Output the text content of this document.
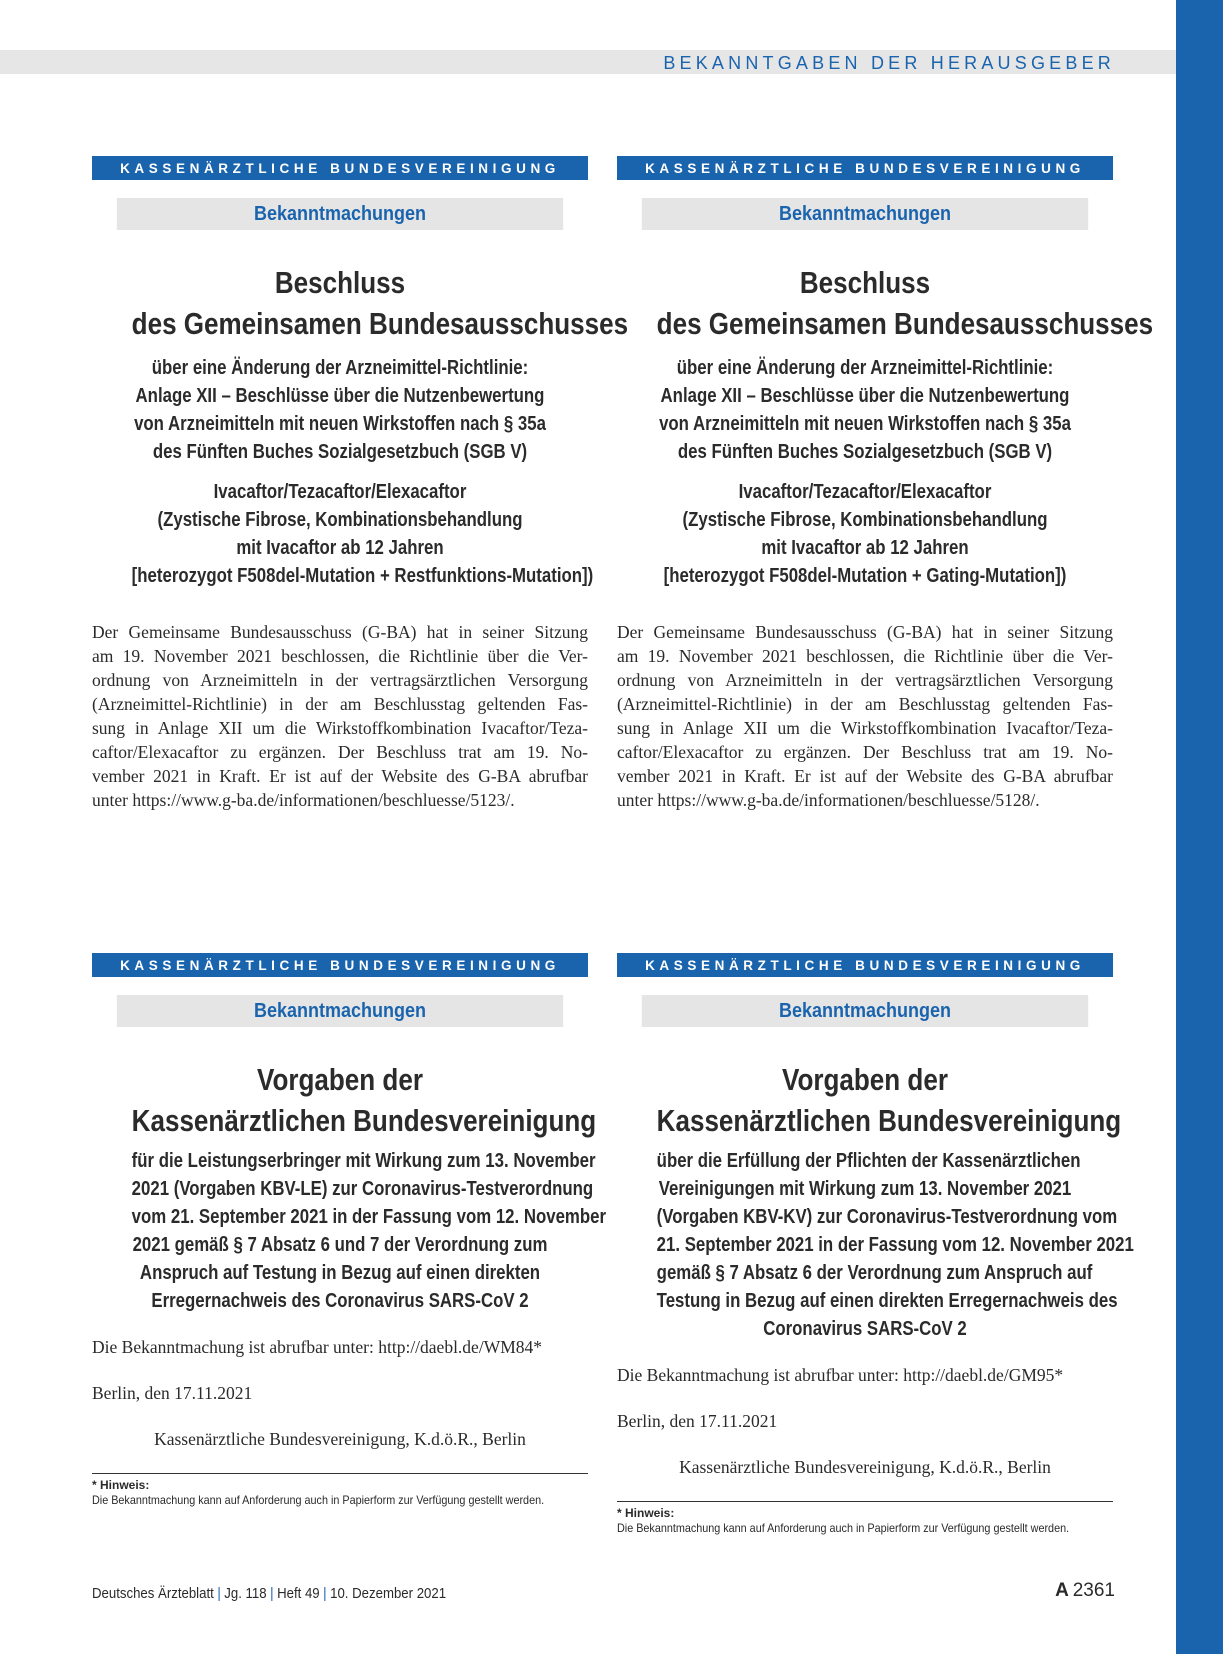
BEKANNTGABEN DER HERAUSGEBER
KASSENÄRZTLICHE BUNDESVEREINIGUNG
Bekanntmachungen
Beschluss
des Gemeinsamen Bundesausschusses
über eine Änderung der Arzneimittel-Richtlinie:
Anlage XII – Beschlüsse über die Nutzenbewertung
von Arzneimitteln mit neuen Wirkstoffen nach § 35a
des Fünften Buches Sozialgesetzbuch (SGB V)
Ivacaftor/Tezacaftor/Elexacaftor
(Zystische Fibrose, Kombinationsbehandlung
mit Ivacaftor ab 12 Jahren
[heterozygot F508del-Mutation + Restfunktions-Mutation])
Der Gemeinsame Bundesausschuss (G-BA) hat in seiner Sitzung
am 19. November 2021 beschlossen, die Richtlinie über die Ver-
ordnung von Arzneimitteln in der vertragsärztlichen Versorgung
(Arzneimittel-Richtlinie) in der am Beschlusstag geltenden Fas-
sung in Anlage XII um die Wirkstoffkombination Ivacaftor/Teza-
caftor/Elexacaftor zu ergänzen. Der Beschluss trat am 19. No-
vember 2021 in Kraft. Er ist auf der Website des G-BA abrufbar
unter https://www.g-ba.de/informationen/beschluesse/5123/.
KASSENÄRZTLICHE BUNDESVEREINIGUNG
Bekanntmachungen
Beschluss
des Gemeinsamen Bundesausschusses
über eine Änderung der Arzneimittel-Richtlinie:
Anlage XII – Beschlüsse über die Nutzenbewertung
von Arzneimitteln mit neuen Wirkstoffen nach § 35a
des Fünften Buches Sozialgesetzbuch (SGB V)
Ivacaftor/Tezacaftor/Elexacaftor
(Zystische Fibrose, Kombinationsbehandlung
mit Ivacaftor ab 12 Jahren
[heterozygot F508del-Mutation + Gating-Mutation])
Der Gemeinsame Bundesausschuss (G-BA) hat in seiner Sitzung
am 19. November 2021 beschlossen, die Richtlinie über die Ver-
ordnung von Arzneimitteln in der vertragsärztlichen Versorgung
(Arzneimittel-Richtlinie) in der am Beschlusstag geltenden Fas-
sung in Anlage XII um die Wirkstoffkombination Ivacaftor/Teza-
caftor/Elexacaftor zu ergänzen. Der Beschluss trat am 19. No-
vember 2021 in Kraft. Er ist auf der Website des G-BA abrufbar
unter https://www.g-ba.de/informationen/beschluesse/5128/.
KASSENÄRZTLICHE BUNDESVEREINIGUNG
Bekanntmachungen
Vorgaben der
Kassenärztlichen Bundesvereinigung
für die Leistungserbringer mit Wirkung zum 13. November
2021 (Vorgaben KBV-LE) zur Coronavirus-Testverordnung
vom 21. September 2021 in der Fassung vom 12. November
2021 gemäß § 7 Absatz 6 und 7 der Verordnung zum
Anspruch auf Testung in Bezug auf einen direkten
Erregernachweis des Coronavirus SARS-CoV 2
Die Bekanntmachung ist abrufbar unter: http://daebl.de/WM84*
Berlin, den 17.11.2021
Kassenärztliche Bundesvereinigung, K.d.ö.R., Berlin
* Hinweis:
Die Bekanntmachung kann auf Anforderung auch in Papierform zur Verfügung gestellt werden.
KASSENÄRZTLICHE BUNDESVEREINIGUNG
Bekanntmachungen
Vorgaben der
Kassenärztlichen Bundesvereinigung
über die Erfüllung der Pflichten der Kassenärztlichen
Vereinigungen mit Wirkung zum 13. November 2021
(Vorgaben KBV-KV) zur Coronavirus-Testverordnung vom
21. September 2021 in der Fassung vom 12. November 2021
gemäß § 7 Absatz 6 der Verordnung zum Anspruch auf
Testung in Bezug auf einen direkten Erregernachweis des
Coronavirus SARS-CoV 2
Die Bekanntmachung ist abrufbar unter: http://daebl.de/GM95*
Berlin, den 17.11.2021
Kassenärztliche Bundesvereinigung, K.d.ö.R., Berlin
* Hinweis:
Die Bekanntmachung kann auf Anforderung auch in Papierform zur Verfügung gestellt werden.
Deutsches Ärzteblatt | Jg. 118 | Heft 49 | 10. Dezember 2021	A  2361
